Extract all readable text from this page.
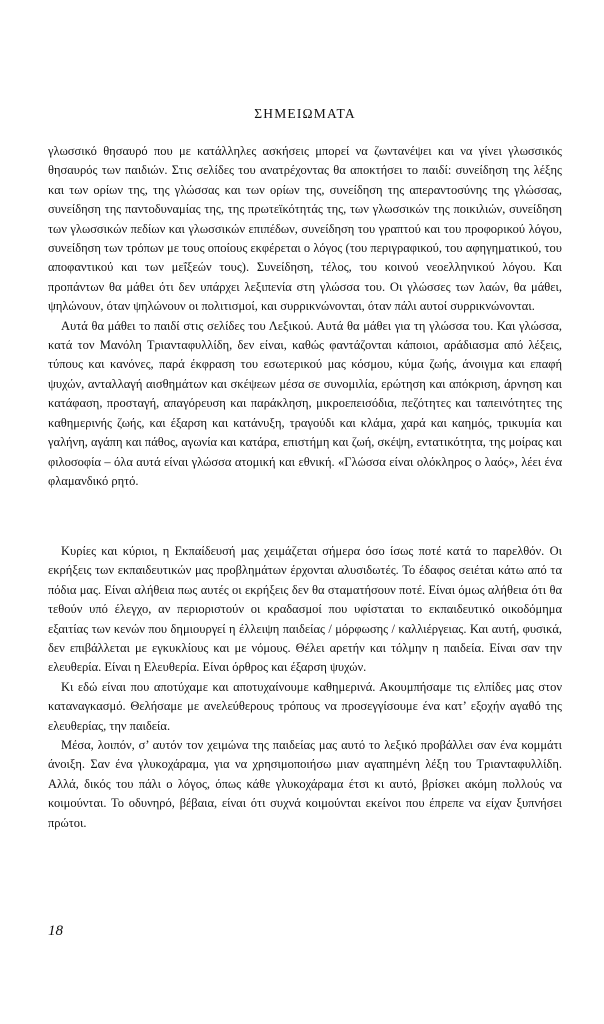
ΣΗΜΕΙΩΜΑΤΑ

γλωσσικό θησαυρό που με κατάλληλες ασκήσεις μπορεί να ζωντανέψει και να γίνει γλωσσικός θησαυρός των παιδιών. Στις σελίδες του ανατρέχοντας θα αποκτήσει το παιδί: συνείδηση της λέξης και των ορίων της, της γλώσσας και των ορίων της, συνείδηση της απεραντοσύνης της γλώσσας, συνείδηση της παντοδυναμίας της, της πρωτεϊκότητάς της, των γλωσσικών της ποικιλιών, συνείδηση των γλωσσικών πεδίων και γλωσσικών επιπέδων, συνείδηση του γραπτού και του προφορικού λόγου, συνείδηση των τρόπων με τους οποίους εκφέρεται ο λόγος (του περιγραφικού, του αφηγηματικού, του αποφαντικού και των μεΐξεών τους). Συνείδηση, τέλος, του κοινού νεοελληνικού λόγου. Και προπάντων θα μάθει ότι δεν υπάρχει λεξιπενία στη γλώσσα του. Οι γλώσσες των λαών, θα μάθει, ψηλώνουν, όταν ψηλώνουν οι πολιτισμοί, και συρρικνώνονται, όταν πάλι αυτοί συρρικνώνονται.

Αυτά θα μάθει το παιδί στις σελίδες του Λεξικού. Αυτά θα μάθει για τη γλώσσα του. Και γλώσσα, κατά τον Μανόλη Τριανταφυλλίδη, δεν είναι, καθώς φαντάζονται κάποιοι, αράδιασμα από λέξεις, τύπους και κανόνες, παρά έκφραση του εσωτερικού μας κόσμου, κύμα ζωής, άνοιγμα και επαφή ψυχών, ανταλλαγή αισθημάτων και σκέψεων μέσα σε συνομιλία, ερώτηση και απόκριση, άρνηση και κατάφαση, προσταγή, απαγόρευση και παράκληση, μικροεπεισόδια, πεζότητες και ταπεινότητες της καθημερινής ζωής, και έξαρση και κατάνυξη, τραγούδι και κλάμα, χαρά και καημός, τρικυμία και γαλήνη, αγάπη και πάθος, αγωνία και κατάρα, επιστήμη και ζωή, σκέψη, εντατικότητα, της μοίρας και φιλοσοφία – όλα αυτά είναι γλώσσα ατομική και εθνική. «Γλώσσα είναι ολόκληρος ο λαός», λέει ένα φλαμανδικό ρητό.

Κυρίες και κύριοι, η Εκπαίδευσή μας χειμάζεται σήμερα όσο ίσως ποτέ κατά το παρελθόν. Οι εκρήξεις των εκπαιδευτικών μας προβλημάτων έρχονται αλυσιδωτές. Το έδαφος σειέται κάτω από τα πόδια μας. Είναι αλήθεια πως αυτές οι εκρήξεις δεν θα σταματήσουν ποτέ. Είναι όμως αλήθεια ότι θα τεθούν υπό έλεγχο, αν περιοριστούν οι κραδασμοί που υφίσταται το εκπαιδευτικό οικοδόμημα εξαιτίας των κενών που δημιουργεί η έλλειψη παιδείας / μόρφωσης / καλλιέργειας. Και αυτή, φυσικά, δεν επιβάλλεται με εγκυκλίους και με νόμους. Θέλει αρετήν και τόλμην η παιδεία. Είναι σαν την ελευθερία. Είναι η Ελευθερία. Είναι όρθρος και έξαρση ψυχών.

Κι εδώ είναι που αποτύχαμε και αποτυχαίνουμε καθημερινά. Ακουμπήσαμε τις ελπίδες μας στον καταναγκασμό. Θελήσαμε με ανελεύθερους τρόπους να προσεγγίσουμε ένα κατ’ εξοχήν αγαθό της ελευθερίας, την παιδεία.

Μέσα, λοιπόν, σ’ αυτόν τον χειμώνα της παιδείας μας αυτό το λεξικό προβάλλει σαν ένα κομμάτι άνοιξη. Σαν ένα γλυκοχάραμα, για να χρησιμοποιήσω μιαν αγαπημένη λέξη του Τριανταφυλλίδη. Αλλά, δικός του πάλι ο λόγος, όπως κάθε γλυκοχάραμα έτσι κι αυτό, βρίσκει ακόμη πολλούς να κοιμούνται. Το οδυνηρό, βέβαια, είναι ότι συχνά κοιμούνται εκείνοι που έπρεπε να είχαν ξυπνήσει πρώτοι.

18
